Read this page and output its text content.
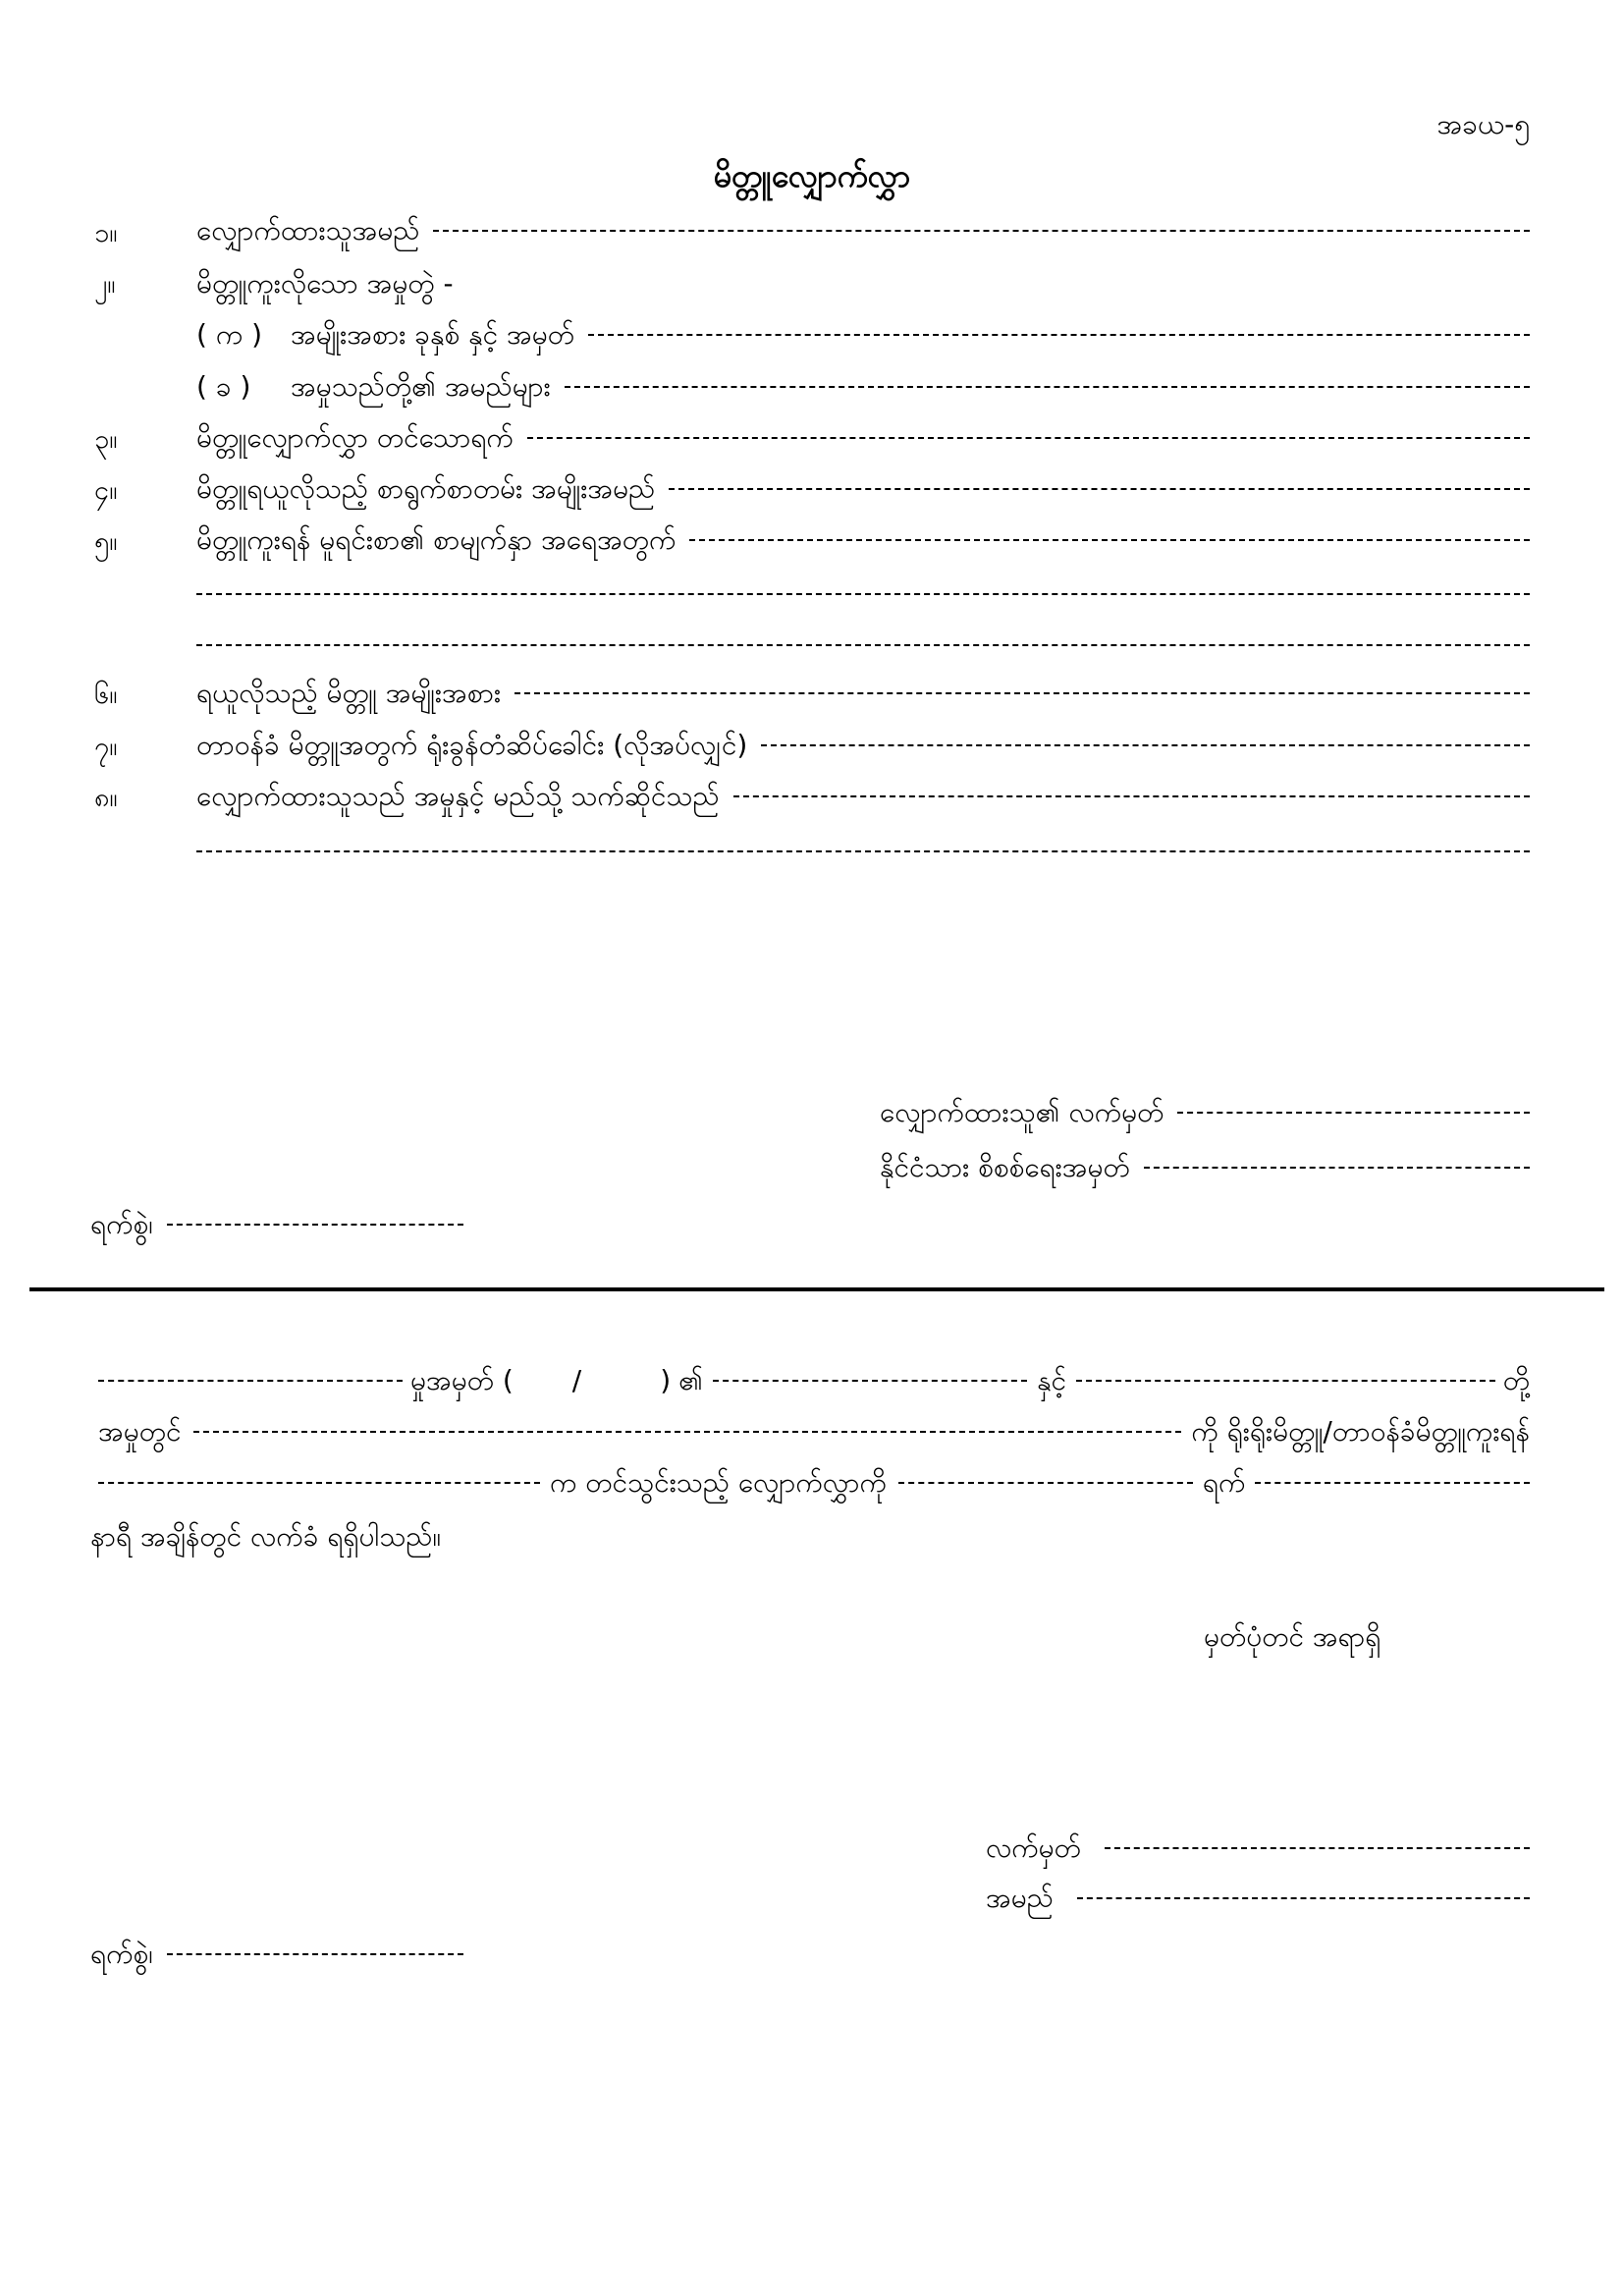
အခယ-၅
မိတ္တူလျှောက်လွှာ
၁။	လျှောက်ထားသူအမည်
၂။	မိတ္တူကူးလိုသော အမှုတွဲ -
( က )	အမျိုးအစား ခုနှစ် နှင့် အမှတ်
( ခ )	အမှုသည်တို့၏ အမည်များ
၃။	မိတ္တူလျှောက်လွှာ တင်သောရက်
၄။	မိတ္တူရယူလိုသည့် စာရွက်စာတမ်း အမျိုးအမည်
၅။	မိတ္တူကူးရန် မူရင်းစာ၏ စာမျက်နှာ အရေအတွက်
၆။	ရယူလိုသည့် မိတ္တူ အမျိုးအစား
၇။	တာဝန်ခံ မိတ္တူအတွက် ရုံးခွန်တံဆိပ်ခေါင်း (လိုအပ်လျှင်)
၈။	လျှောက်ထားသူသည် အမှုနှင့် မည်သို့ သက်ဆိုင်သည်
လျှောက်ထားသူ၏ လက်မှတ်
နိုင်ငံသား စိစစ်ရေးအမှတ်
ရက်စွဲ၊
မှုအမှတ် ( /	) ၏	နှင့်	တို့
အမှုတွင်	ကို ရိုးရိုးမိတ္တူ/တာဝန်ခံမိတ္တူကူးရန်
က တင်သွင်းသည့် လျှောက်လွှာကို	ရက်
နာရီ အချိန်တွင် လက်ခံ ရရှိပါသည်။
မှတ်ပုံတင် အရာရှိ
လက်မှတ်
အမည်
ရက်စွဲ၊
